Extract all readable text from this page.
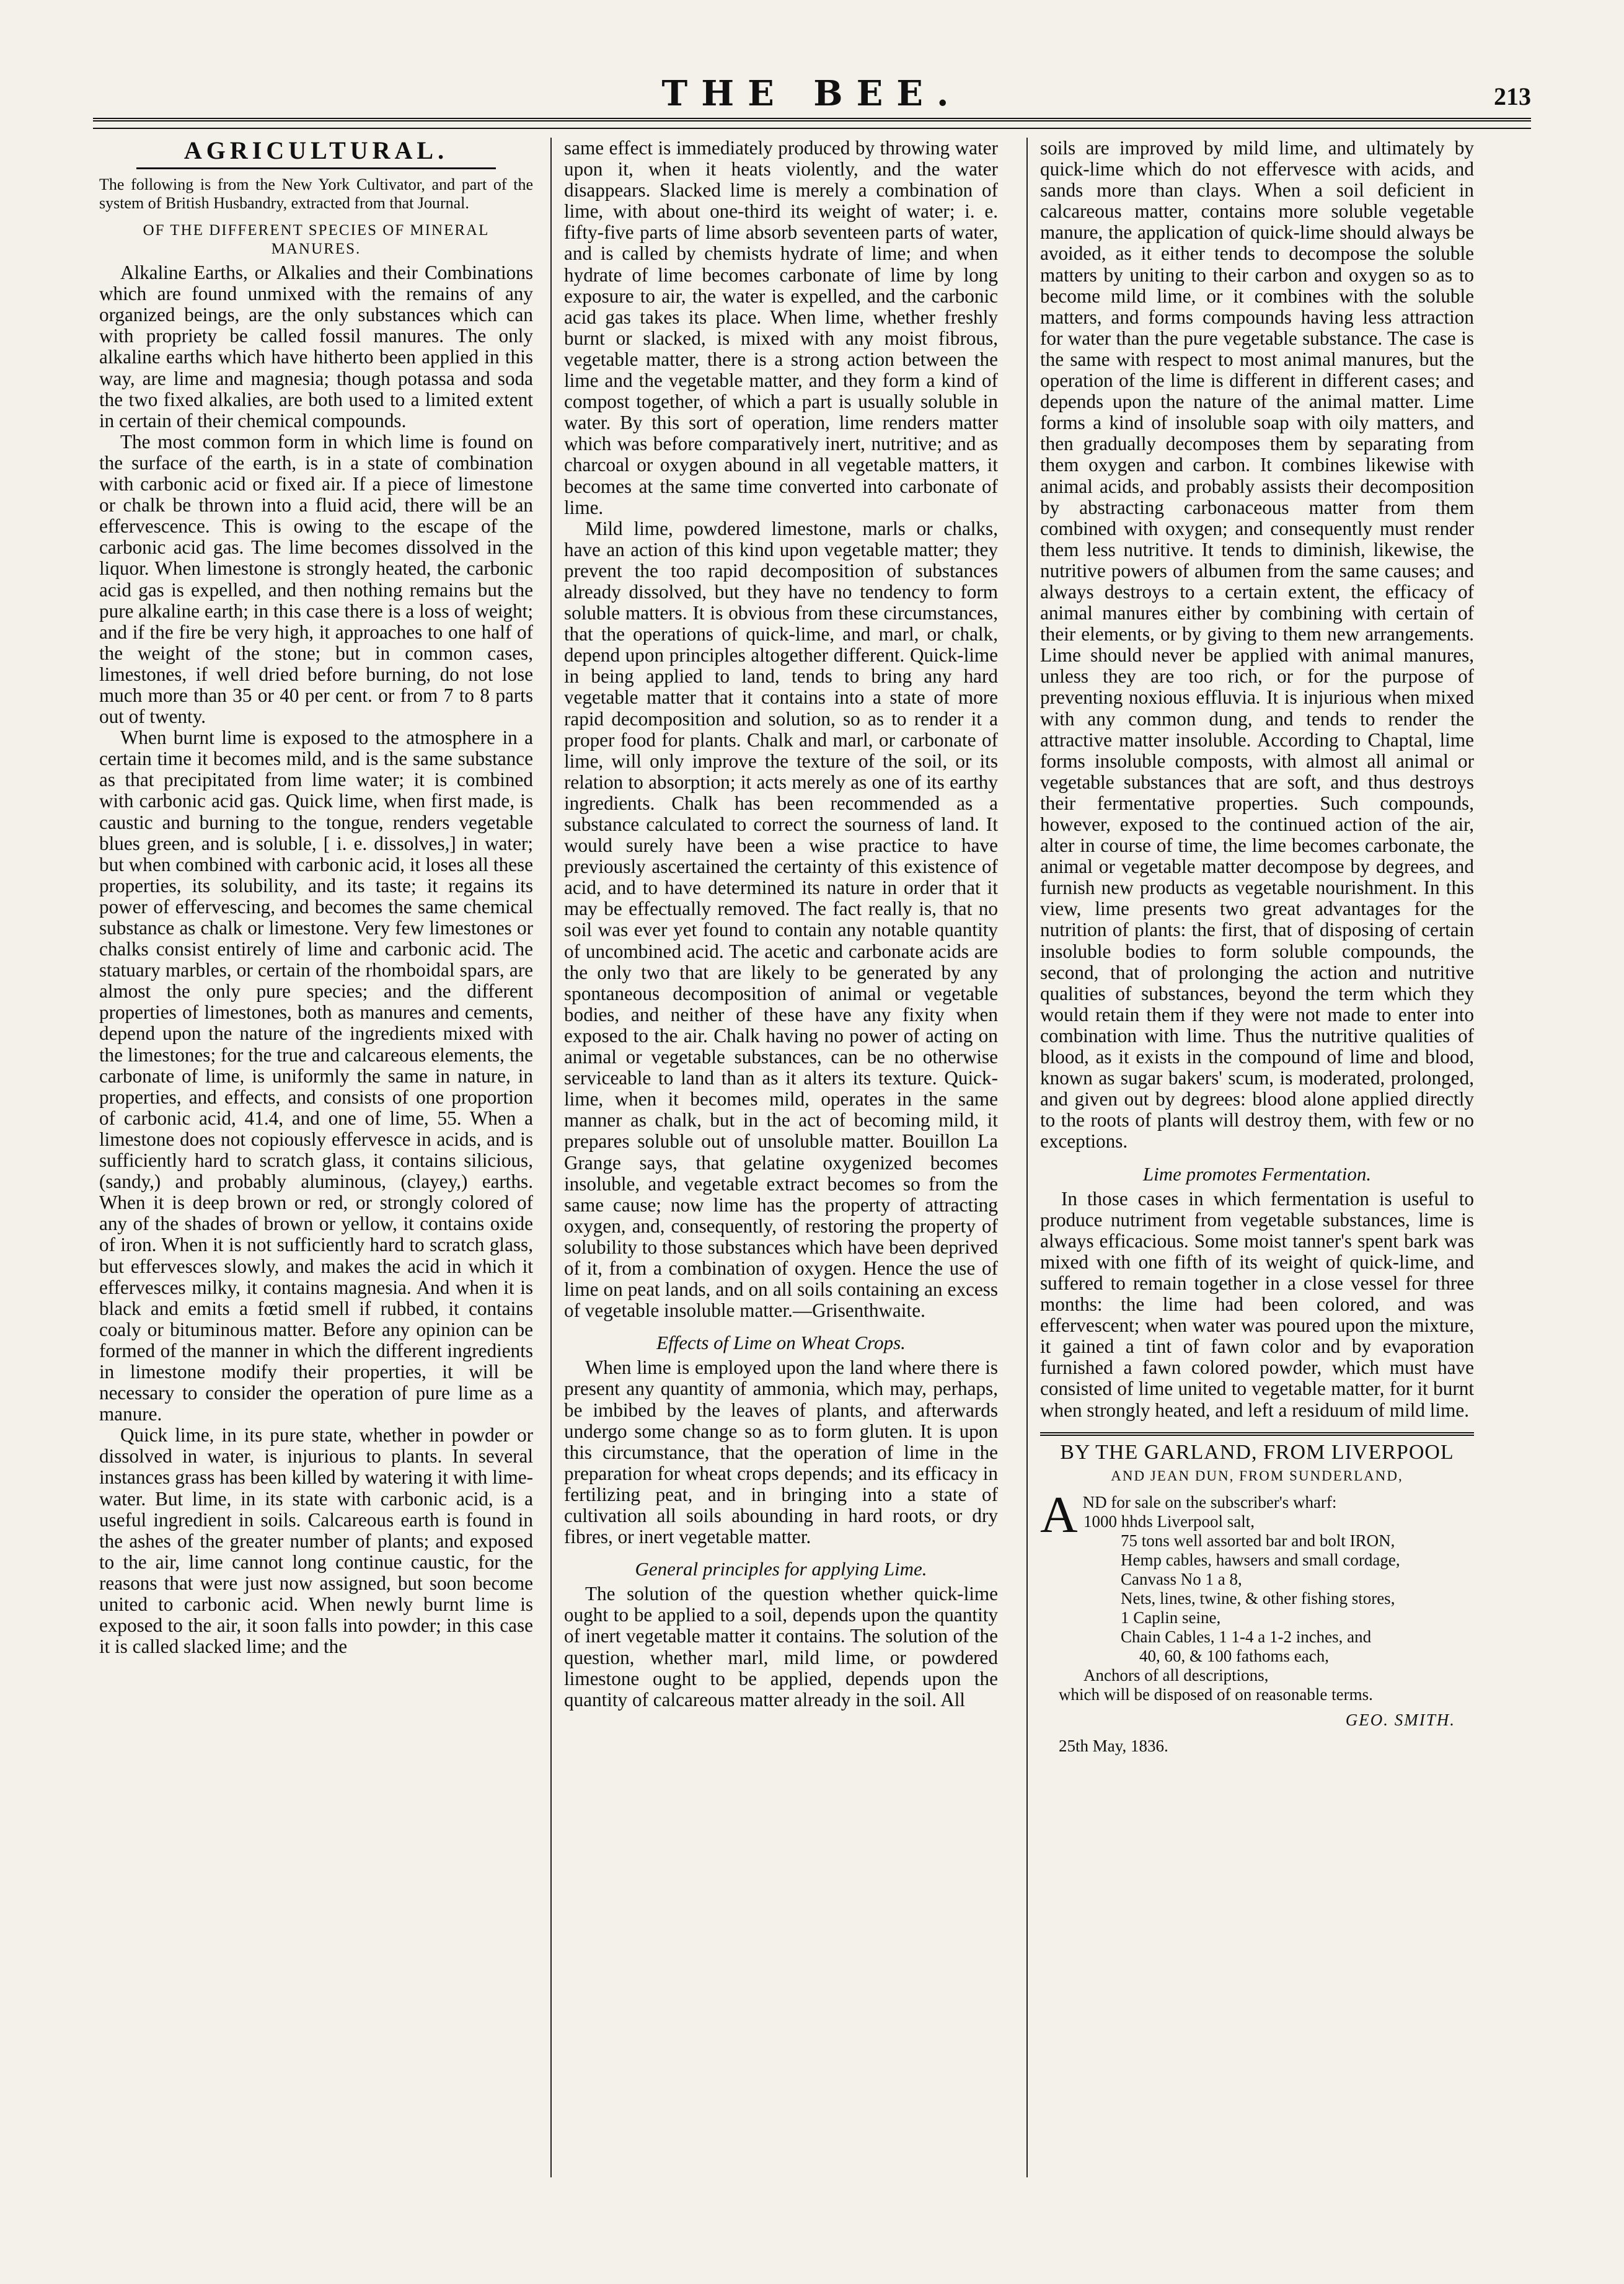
THE BEE.	213
AGRICULTURAL.

The following is from the New York Cultivator, and part of the system of British Husbandry, extracted from that Journal.

OF THE DIFFERENT SPECIES OF MINERAL MANURES.

Alkaline Earths, or Alkalies and their Combinations which are found unmixed with the remains of any organized beings, are the only substances which can with propriety be called fossil manures. The only alkaline earths which have hitherto been applied in this way, are lime and magnesia; though potassa and soda the two fixed alkalies, are both used to a limited extent in certain of their chemical compounds.

The most common form in which lime is found on the surface of the earth, is in a state of combination with carbonic acid or fixed air. If a piece of limestone or chalk be thrown into a fluid acid, there will be an effervescence. This is owing to the escape of the carbonic acid gas. The lime becomes dissolved in the liquor. When limestone is strongly heated, the carbonic acid gas is expelled, and then nothing remains but the pure alkaline earth; in this case there is a loss of weight; and if the fire be very high, it approaches to one half of the weight of the stone; but in common cases, limestones, if well dried before burning, do not lose much more than 35 or 40 per cent. or from 7 to 8 parts out of twenty.

When burnt lime is exposed to the atmosphere in a certain time it becomes mild, and is the same substance as that precipitated from lime water; it is combined with carbonic acid gas. Quick lime, when first made, is caustic and burning to the tongue, renders vegetable blues green, and is soluble, [ i. e. dissolves,] in water; but when combined with carbonic acid, it loses all these properties, its solubility, and its taste; it regains its power of effervescing, and becomes the same chemical substance as chalk or limestone. Very few limestones or chalks consist entirely of lime and carbonic acid. The statuary marbles, or certain of the rhomboidal spars, are almost the only pure species; and the different properties of limestones, both as manures and cements, depend upon the nature of the ingredients mixed with the limestones; for the true and calcareous elements, the carbonate of lime, is uniformly the same in nature, in properties, and effects, and consists of one proportion of carbonic acid, 41.4, and one of lime, 55. When a limestone does not copiously effervesce in acids, and is sufficiently hard to scratch glass, it contains silicious, (sandy,) and probably aluminous, (clayey,) earths. When it is deep brown or red, or strongly colored of any of the shades of brown or yellow, it contains oxide of iron. When it is not sufficiently hard to scratch glass, but effervesces slowly, and makes the acid in which it effervesces milky, it contains magnesia. And when it is black and emits a fœtid smell if rubbed, it contains coaly or bituminous matter. Before any opinion can be formed of the manner in which the different ingredients in limestone modify their properties, it will be necessary to consider the operation of pure lime as a manure.

Quick lime, in its pure state, whether in powder or dissolved in water, is injurious to plants. In several instances grass has been killed by watering it with lime-water. But lime, in its state with carbonic acid, is a useful ingredient in soils. Calcareous earth is found in the ashes of the greater number of plants; and exposed to the air, lime cannot long continue caustic, for the reasons that were just now assigned, but soon become united to carbonic acid. When newly burnt lime is exposed to the air, it soon falls into powder; in this case it is called slacked lime; and the

same effect is immediately produced by throwing water upon it, when it heats violently, and the water disappears. Slacked lime is merely a combination of lime, with about one-third its weight of water; i. e. fifty-five parts of lime absorb seventeen parts of water, and is called by chemists hydrate of lime; and when hydrate of lime becomes carbonate of lime by long exposure to air, the water is expelled, and the carbonic acid gas takes its place. When lime, whether freshly burnt or slacked, is mixed with any moist fibrous, vegetable matter, there is a strong action between the lime and the vegetable matter, and they form a kind of compost together, of which a part is usually soluble in water. By this sort of operation, lime renders matter which was before comparatively inert, nutritive; and as charcoal or oxygen abound in all vegetable matters, it becomes at the same time converted into carbonate of lime.

Mild lime, powdered limestone, marls or chalks, have an action of this kind upon vegetable matter; they prevent the too rapid decomposition of substances already dissolved, but they have no tendency to form soluble matters. It is obvious from these circumstances, that the operations of quick-lime, and marl, or chalk, depend upon principles altogether different. Quick-lime in being applied to land, tends to bring any hard vegetable matter that it contains into a state of more rapid decomposition and solution, so as to render it a proper food for plants. Chalk and marl, or carbonate of lime, will only improve the texture of the soil, or its relation to absorption; it acts merely as one of its earthy ingredients. Chalk has been recommended as a substance calculated to correct the sourness of land. It would surely have been a wise practice to have previously ascertained the certainty of this existence of acid, and to have determined its nature in order that it may be effectually removed. The fact really is, that no soil was ever yet found to contain any notable quantity of uncombined acid. The acetic and carbonate acids are the only two that are likely to be generated by any spontaneous decomposition of animal or vegetable bodies, and neither of these have any fixity when exposed to the air. Chalk having no power of acting on animal or vegetable substances, can be no otherwise serviceable to land than as it alters its texture. Quick-lime, when it becomes mild, operates in the same manner as chalk, but in the act of becoming mild, it prepares soluble out of unsoluble matter. Bouillon La Grange says, that gelatine oxygenized becomes insoluble, and vegetable extract becomes so from the same cause; now lime has the property of attracting oxygen, and, consequently, of restoring the property of solubility to those substances which have been deprived of it, from a combination of oxygen. Hence the use of lime on peat lands, and on all soils containing an excess of vegetable insoluble matter.—Grisenthwaite.

Effects of Lime on Wheat Crops.

When lime is employed upon the land where there is present any quantity of ammonia, which may, perhaps, be imbibed by the leaves of plants, and afterwards undergo some change so as to form gluten. It is upon this circumstance, that the operation of lime in the preparation for wheat crops depends; and its efficacy in fertilizing peat, and in bringing into a state of cultivation all soils abounding in hard roots, or dry fibres, or inert vegetable matter.

General principles for applying Lime.

The solution of the question whether quick-lime ought to be applied to a soil, depends upon the quantity of inert vegetable matter it contains. The solution of the question, whether marl, mild lime, or powdered limestone ought to be applied, depends upon the quantity of calcareous matter already in the soil. All

soils are improved by mild lime, and ultimately by quick-lime which do not effervesce with acids, and sands more than clays. When a soil deficient in calcareous matter, contains more soluble vegetable manure, the application of quick-lime should always be avoided, as it either tends to decompose the soluble matters by uniting to their carbon and oxygen so as to become mild lime, or it combines with the soluble matters, and forms compounds having less attraction for water than the pure vegetable substance. The case is the same with respect to most animal manures, but the operation of the lime is different in different cases; and depends upon the nature of the animal matter. Lime forms a kind of insoluble soap with oily matters, and then gradually decomposes them by separating from them oxygen and carbon. It combines likewise with animal acids, and probably assists their decomposition by abstracting carbonaceous matter from them combined with oxygen; and consequently must render them less nutritive. It tends to diminish, likewise, the nutritive powers of albumen from the same causes; and always destroys to a certain extent, the efficacy of animal manures either by combining with certain of their elements, or by giving to them new arrangements. Lime should never be applied with animal manures, unless they are too rich, or for the purpose of preventing noxious effluvia. It is injurious when mixed with any common dung, and tends to render the attractive matter insoluble. According to Chaptal, lime forms insoluble composts, with almost all animal or vegetable substances that are soft, and thus destroys their fermentative properties. Such compounds, however, exposed to the continued action of the air, alter in course of time, the lime becomes carbonate, the animal or vegetable matter decompose by degrees, and furnish new products as vegetable nourishment. In this view, lime presents two great advantages for the nutrition of plants: the first, that of disposing of certain insoluble bodies to form soluble compounds, the second, that of prolonging the action and nutritive qualities of substances, beyond the term which they would retain them if they were not made to enter into combination with lime. Thus the nutritive qualities of blood, as it exists in the compound of lime and blood, known as sugar bakers' scum, is moderated, prolonged, and given out by degrees: blood alone applied directly to the roots of plants will destroy them, with few or no exceptions.

Lime promotes Fermentation.

In those cases in which fermentation is useful to produce nutriment from vegetable substances, lime is always efficacious. Some moist tanner's spent bark was mixed with one fifth of its weight of quick-lime, and suffered to remain together in a close vessel for three months: the lime had been colored, and was effervescent; when water was poured upon the mixture, it gained a tint of fawn color and by evaporation furnished a fawn colored powder, which must have consisted of lime united to vegetable matter, for it burnt when strongly heated, and left a residuum of mild lime.

BY THE GARLAND, FROM LIVERPOOL

AND JEAN DUN, FROM SUNDERLAND,

A ND for sale on the subscriber's wharf:
1000 hhds Liverpool salt,
75 tons well assorted bar and bolt IRON,
Hemp cables, hawsers and small cordage,
Canvass No 1 a 8,
Nets, lines, twine, & other fishing stores,
1 Caplin seine,
Chain Cables, 1 1-4 a 1-2 inches, and
40, 60, & 100 fathoms each,
Anchors of all descriptions,
which will be disposed of on reasonable terms.

GEO. SMITH.

25th May, 1836.
